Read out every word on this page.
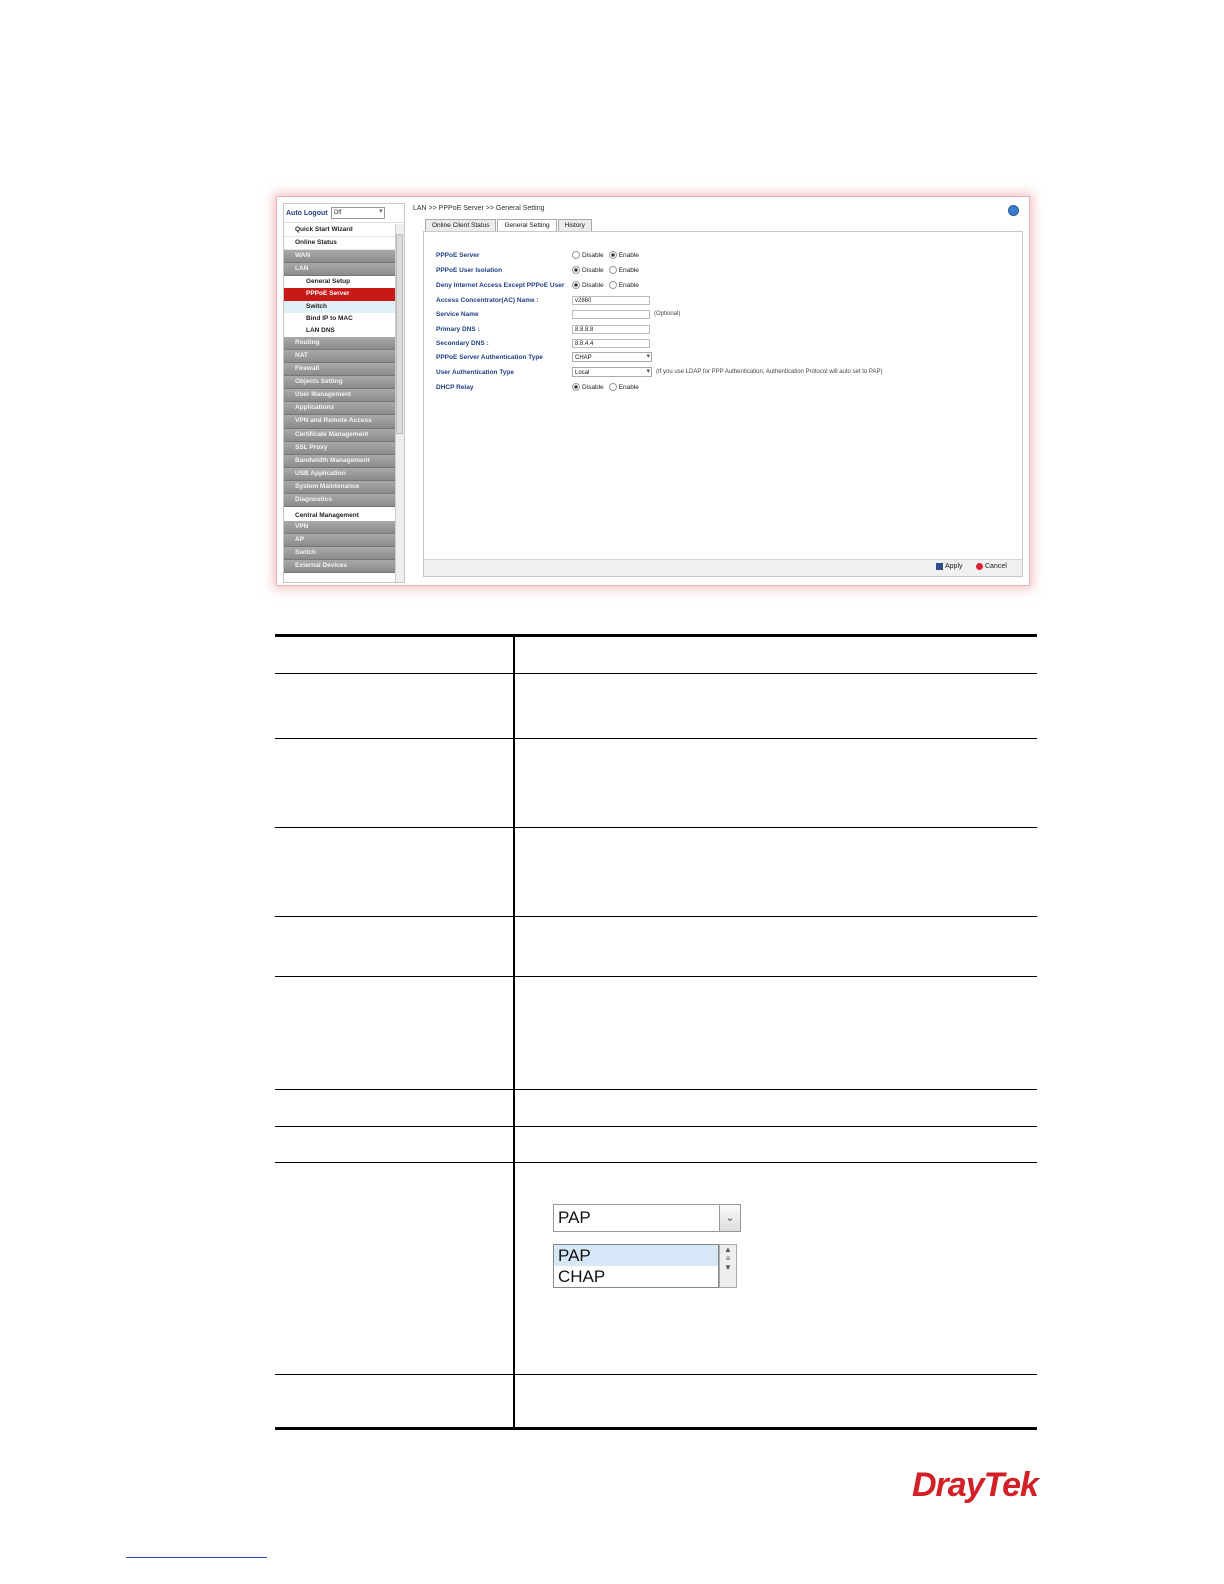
Auto Logout	Off ▾
Quick Start Wizard
Online Status
WAN
LAN
General Setup
PPPoE Server
Switch
Bind IP to MAC
LAN DNS
Routing
NAT
Firewall
Objects Setting
User Management
Applications
VPN and Remote Access
Certificate Management
SSL Proxy
Bandwidth Management
USB Application
System Maintenance
Diagnostics
Central Management
VPN
AP
Switch
External Devices
LAN >> PPPoE Server >> General Setting
Online Client Status	General Setting	History
PPPoE Server	Disable Enable
PPPoE User Isolation	Disable Enable
Deny Internet Access Except PPPoE User	Disable Enable
Access Concentrator(AC) Name :	v2860
Service Name	(Optional)
Primary DNS :	8.8.8.8
Secondary DNS :	8.8.4.4
PPPoE Server Authentication Type	CHAP ▾
User Authentication Type	Local ▾	(If you use LDAP for PPP Authentication, Authentication Protocol will auto set to PAP)
DHCP Relay	Disable Enable
Apply	Cancel

PAP	⌄
PAP
CHAP
▲
≡
▼
DrayTek
